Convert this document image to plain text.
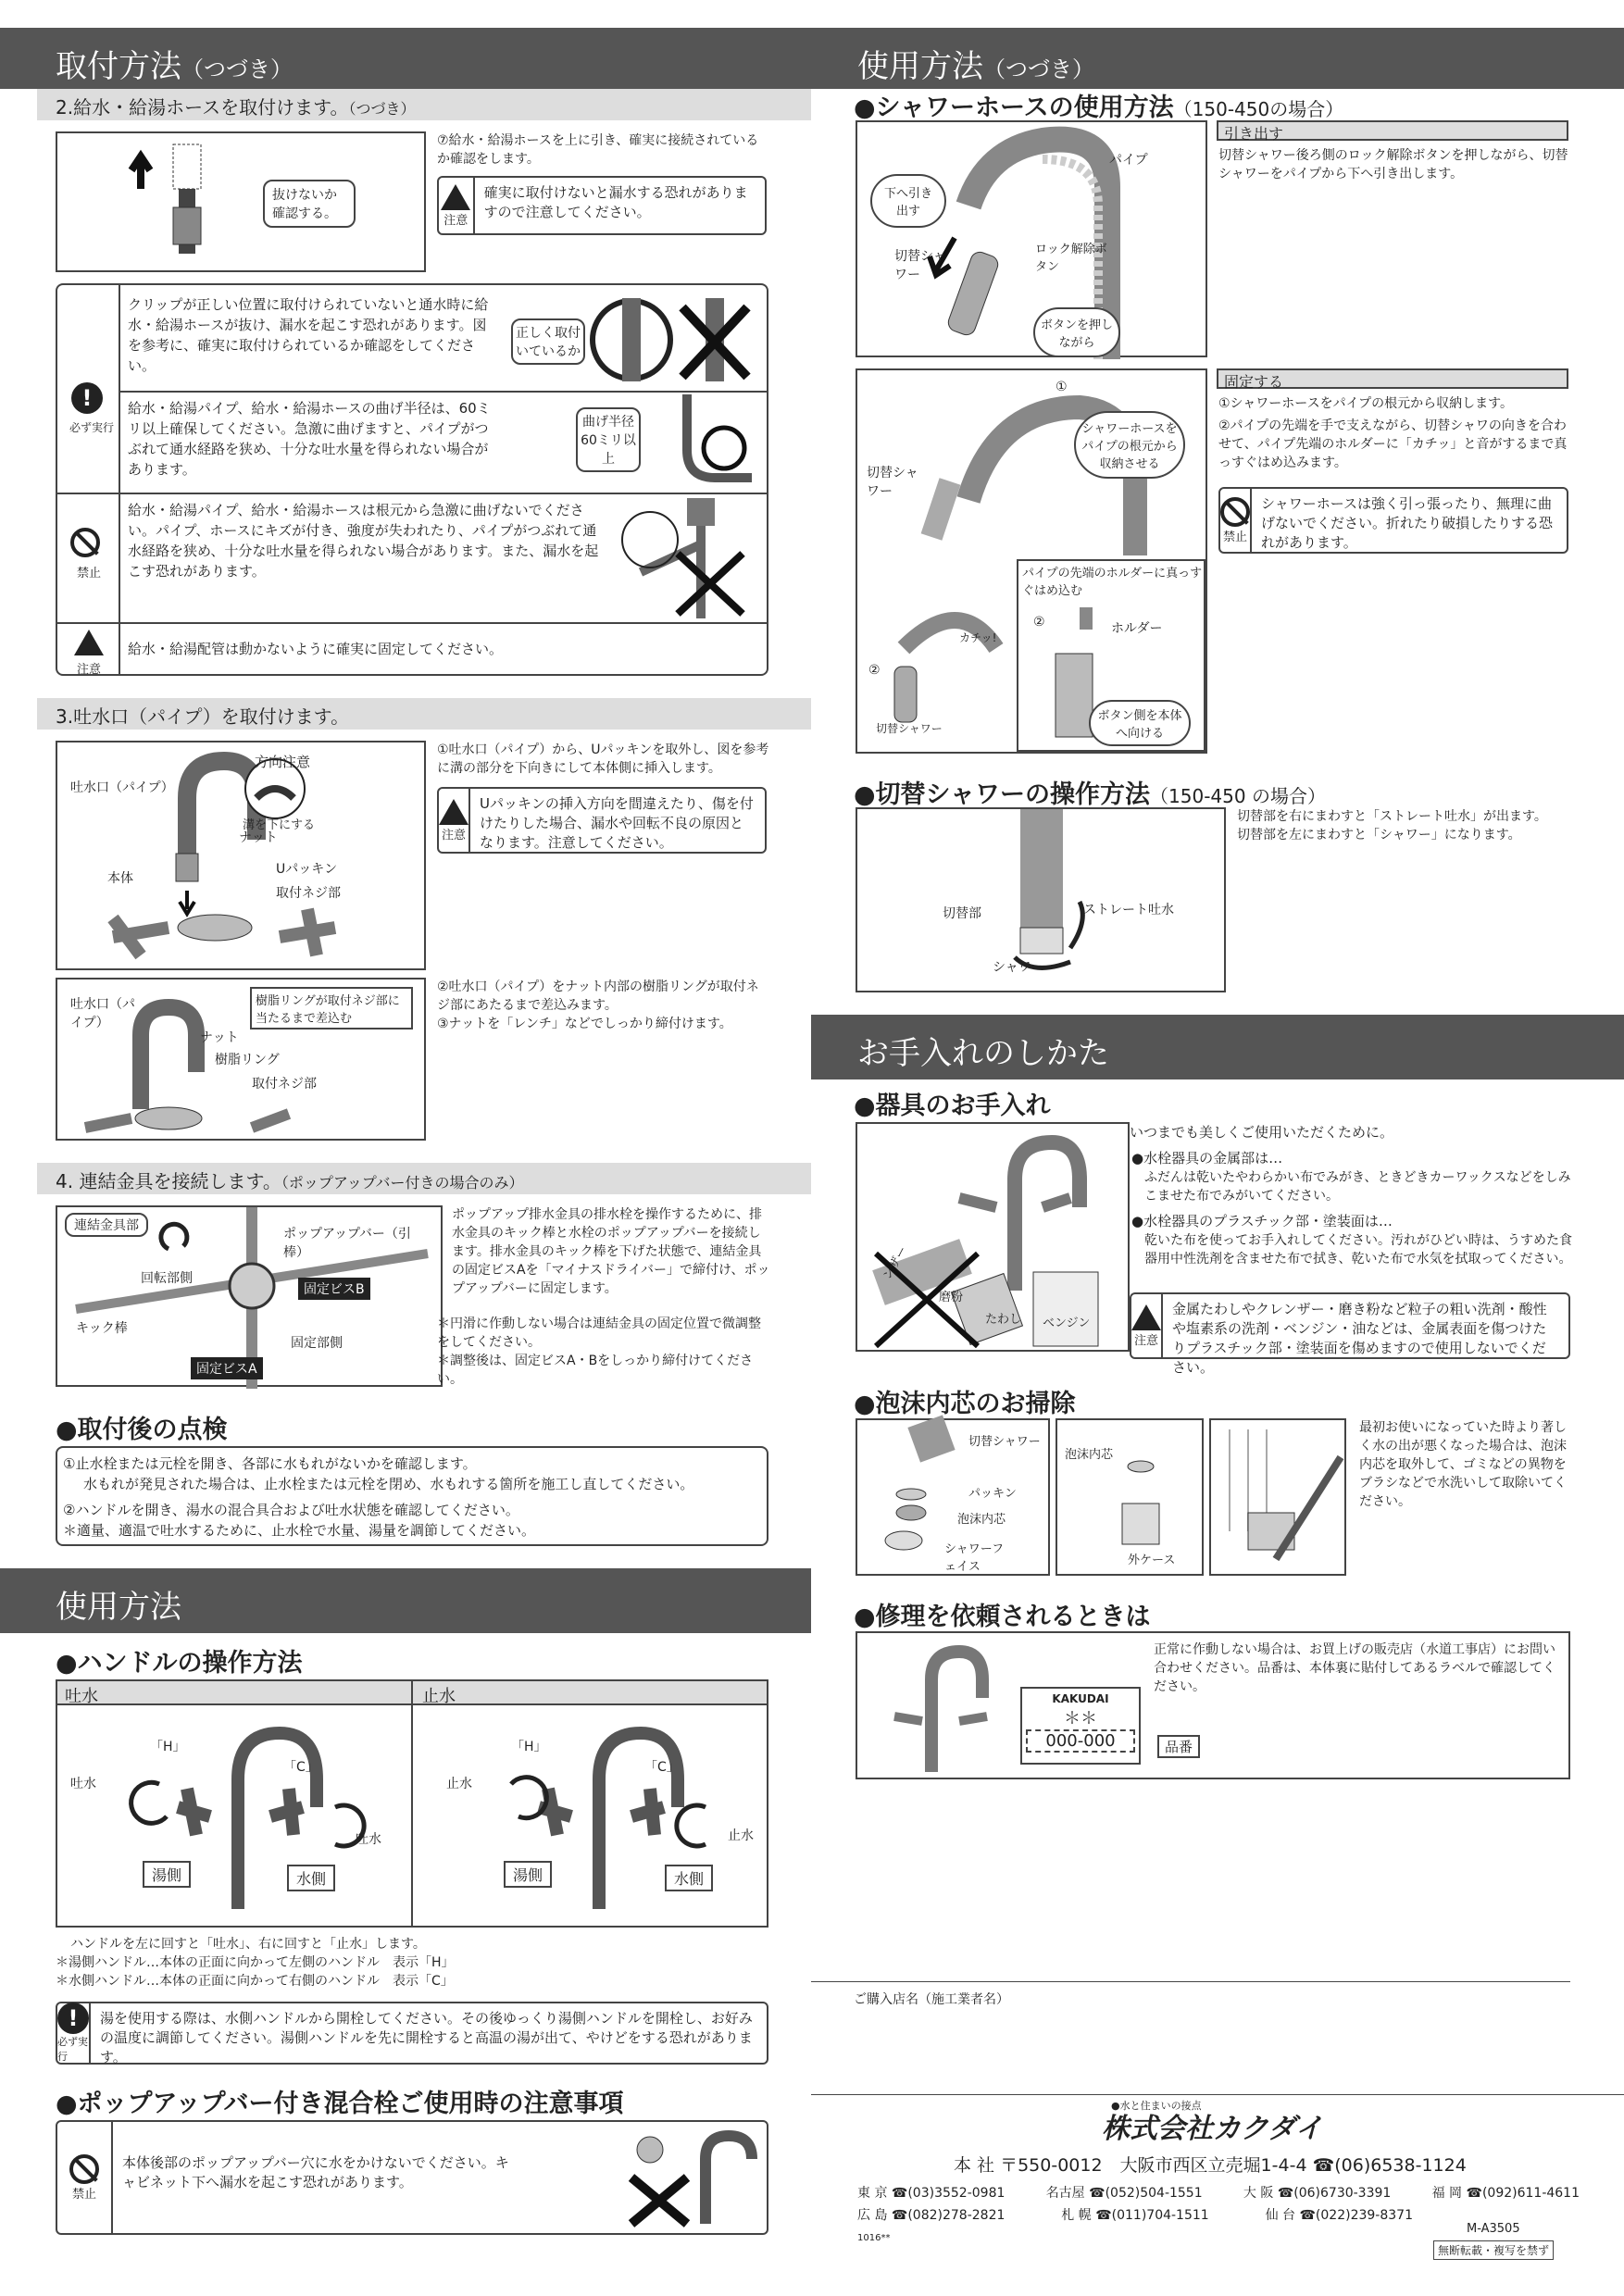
取付方法（つづき）
2.給水・給湯ホースを取付けます。（つづき）
抜けないか確認する。
⑦給水・給湯ホースを上に引き、確実に接続されているか確認をします。
注意
確実に取付けないと漏水する恐れがありますので注意してください。
!
必ず実行
クリップが正しい位置に取付けられていないと通水時に給水・給湯ホースが抜け、漏水を起こす恐れがあります。図を参考に、確実に取付けられているか確認をしてください。
正しく取付いているか
給水・給湯パイプ、給水・給湯ホースの曲げ半径は、60ミリ以上確保してください。急激に曲げますと、パイプがつぶれて通水経路を狭め、十分な吐水量を得られない場合があります。
曲げ半径60ミリ以上
禁止
給水・給湯パイプ、給水・給湯ホースは根元から急激に曲げないでください。パイプ、ホースにキズが付き、強度が失われたり、パイプがつぶれて通水経路を狭め、十分な吐水量を得られない場合があります。また、漏水を起こす恐れがあります。
注意
給水・給湯配管は動かないように確実に固定してください。
3.吐水口（パイプ）を取付けます。
方向注意
溝を下にする
吐水口（パイプ）
ナット
本体
Uパッキン
取付ネジ部
①吐水口（パイプ）から、Uパッキンを取外し、図を参考に溝の部分を下向きにして本体側に挿入します。
注意
Uパッキンの挿入方向を間違えたり、傷を付けたりした場合、漏水や回転不良の原因となります。注意してください。
樹脂リングが取付ネジ部に当たるまで差込む
吐水口（パイプ）
ナット
樹脂リング
取付ネジ部
②吐水口（パイプ）をナット内部の樹脂リングが取付ネジ部にあたるまで差込みます。
③ナットを「レンチ」などでしっかり締付けます。
4. 連結金具を接続します。（ポップアップバー付きの場合のみ）
連結金具部
回転部側
キック棒
ポップアップバー（引棒）
固定ビスB
固定部側
固定ビスA
ポップアップ排水金具の排水栓を操作するために、排水金具のキック棒と水栓のポップアップバーを接続します。排水金具のキック棒を下げた状態で、連結金具の固定ビスAを「マイナスドライバー」で締付け、ポップアップバーに固定します。
＊円滑に作動しない場合は連結金具の固定位置で微調整をしてください。
＊調整後は、固定ビスA・Bをしっかり締付けてください。
●取付後の点検
①止水栓または元栓を開き、各部に水もれがないかを確認します。
水もれが発見された場合は、止水栓または元栓を閉め、水もれする箇所を施工し直してください。
②ハンドルを開き、湯水の混合具合および吐水状態を確認してください。
＊適量、適温で吐水するために、止水栓で水量、湯量を調節してください。
使用方法
●ハンドルの操作方法
吐水	止水
「H」
「C」
吐水
吐水
湯側	水側
「H」
「C」
止水
止水
湯側	水側
ハンドルを左に回すと「吐水」、右に回すと「止水」します。
＊湯側ハンドル…本体の正面に向かって左側のハンドル　表示「H」
＊水側ハンドル…本体の正面に向かって右側のハンドル　表示「C」
!
必ず実行
湯を使用する際は、水側ハンドルから開栓してください。その後ゆっくり湯側ハンドルを開栓し、お好みの温度に調節してください。湯側ハンドルを先に開栓すると高温の湯が出て、やけどをする恐れがあります。
●ポップアップバー付き混合栓ご使用時の注意事項
禁止
本体後部のポップアップバー穴に水をかけないでください。キャビネット下へ漏水を起こす恐れがあります。
使用方法（つづき）
●シャワーホースの使用方法（150-450の場合）
パイプ
下へ引き出す
切替シャワー
ロック解除ボタン
ボタンを押しながら
引き出す
切替シャワー後ろ側のロック解除ボタンを押しながら、切替シャワーをパイプから下へ引き出します。
①
シャワーホースをパイプの根元から収納させる
切替シャワー
パイプの先端のホルダーに真っすぐはめ込む
②	ホルダー
ボタン側を本体へ向ける
カチッ!
②
切替シャワー
固定する
①シャワーホースをパイプの根元から収納します。
②パイプの先端を手で支えながら、切替シャワの向きを合わせて、パイプ先端のホルダーに「カチッ」と音がするまで真っすぐはめ込みます。
禁止
シャワーホースは強く引っ張ったり、無理に曲げないでください。折れたり破損したりする恐れがあります。
●切替シャワーの操作方法（150-450 の場合）
切替部	ストレート吐水
シャワー
切替部を右にまわすと「ストレート吐水」が出ます。
切替部を左にまわすと「シャワー」になります。
お手入れのしかた
●器具のお手入れ
ンザー
磨粉
たわし ベンジン
いつまでも美しくご使用いただくために。
●水栓器具の金属部は…
ふだんは乾いたやわらかい布でみがき、ときどきカーワックスなどをしみこませた布でみがいてください。
●水栓器具のプラスチック部・塗装面は…
乾いた布を使ってお手入れしてください。汚れがひどい時は、うすめた食器用中性洗剤を含ませた布で拭き、乾いた布で水気を拭取ってください。
注意
金属たわしやクレンザー・磨き粉など粒子の粗い洗剤・酸性や塩素系の洗剤・ベンジン・油などは、金属表面を傷つけたりプラスチック部・塗装面を傷めますので使用しないでください。
●泡沫内芯のお掃除
切替シャワー
パッキン
泡沫内芯
シャワーフェイス
泡沫内芯
外ケース
最初お使いになっていた時より著しく水の出が悪くなった場合は、泡沫内芯を取外して、ゴミなどの異物をブラシなどで水洗いして取除いてください。
●修理を依頼されるときは
KAKUDAI
＊＊
000-000	品番
正常に作動しない場合は、お買上げの販売店（水道工事店）にお問い合わせください。品番は、本体裏に貼付してあるラベルで確認してください。
ご購入店名（施工業者名）
●水と住まいの接点
株式会社カクダイ
本 社 〒550-0012　大阪市西区立売堀1-4-4 ☎(06)6538-1124
東 京 ☎(03)3552-0981	名古屋 ☎(052)504-1551	大 阪 ☎(06)6730-3391	福 岡 ☎(092)611-4611
広 島 ☎(082)278-2821	札 幌 ☎(011)704-1511	仙 台 ☎(022)239-8371
1016**
M-A3505
無断転載・複写を禁ず
